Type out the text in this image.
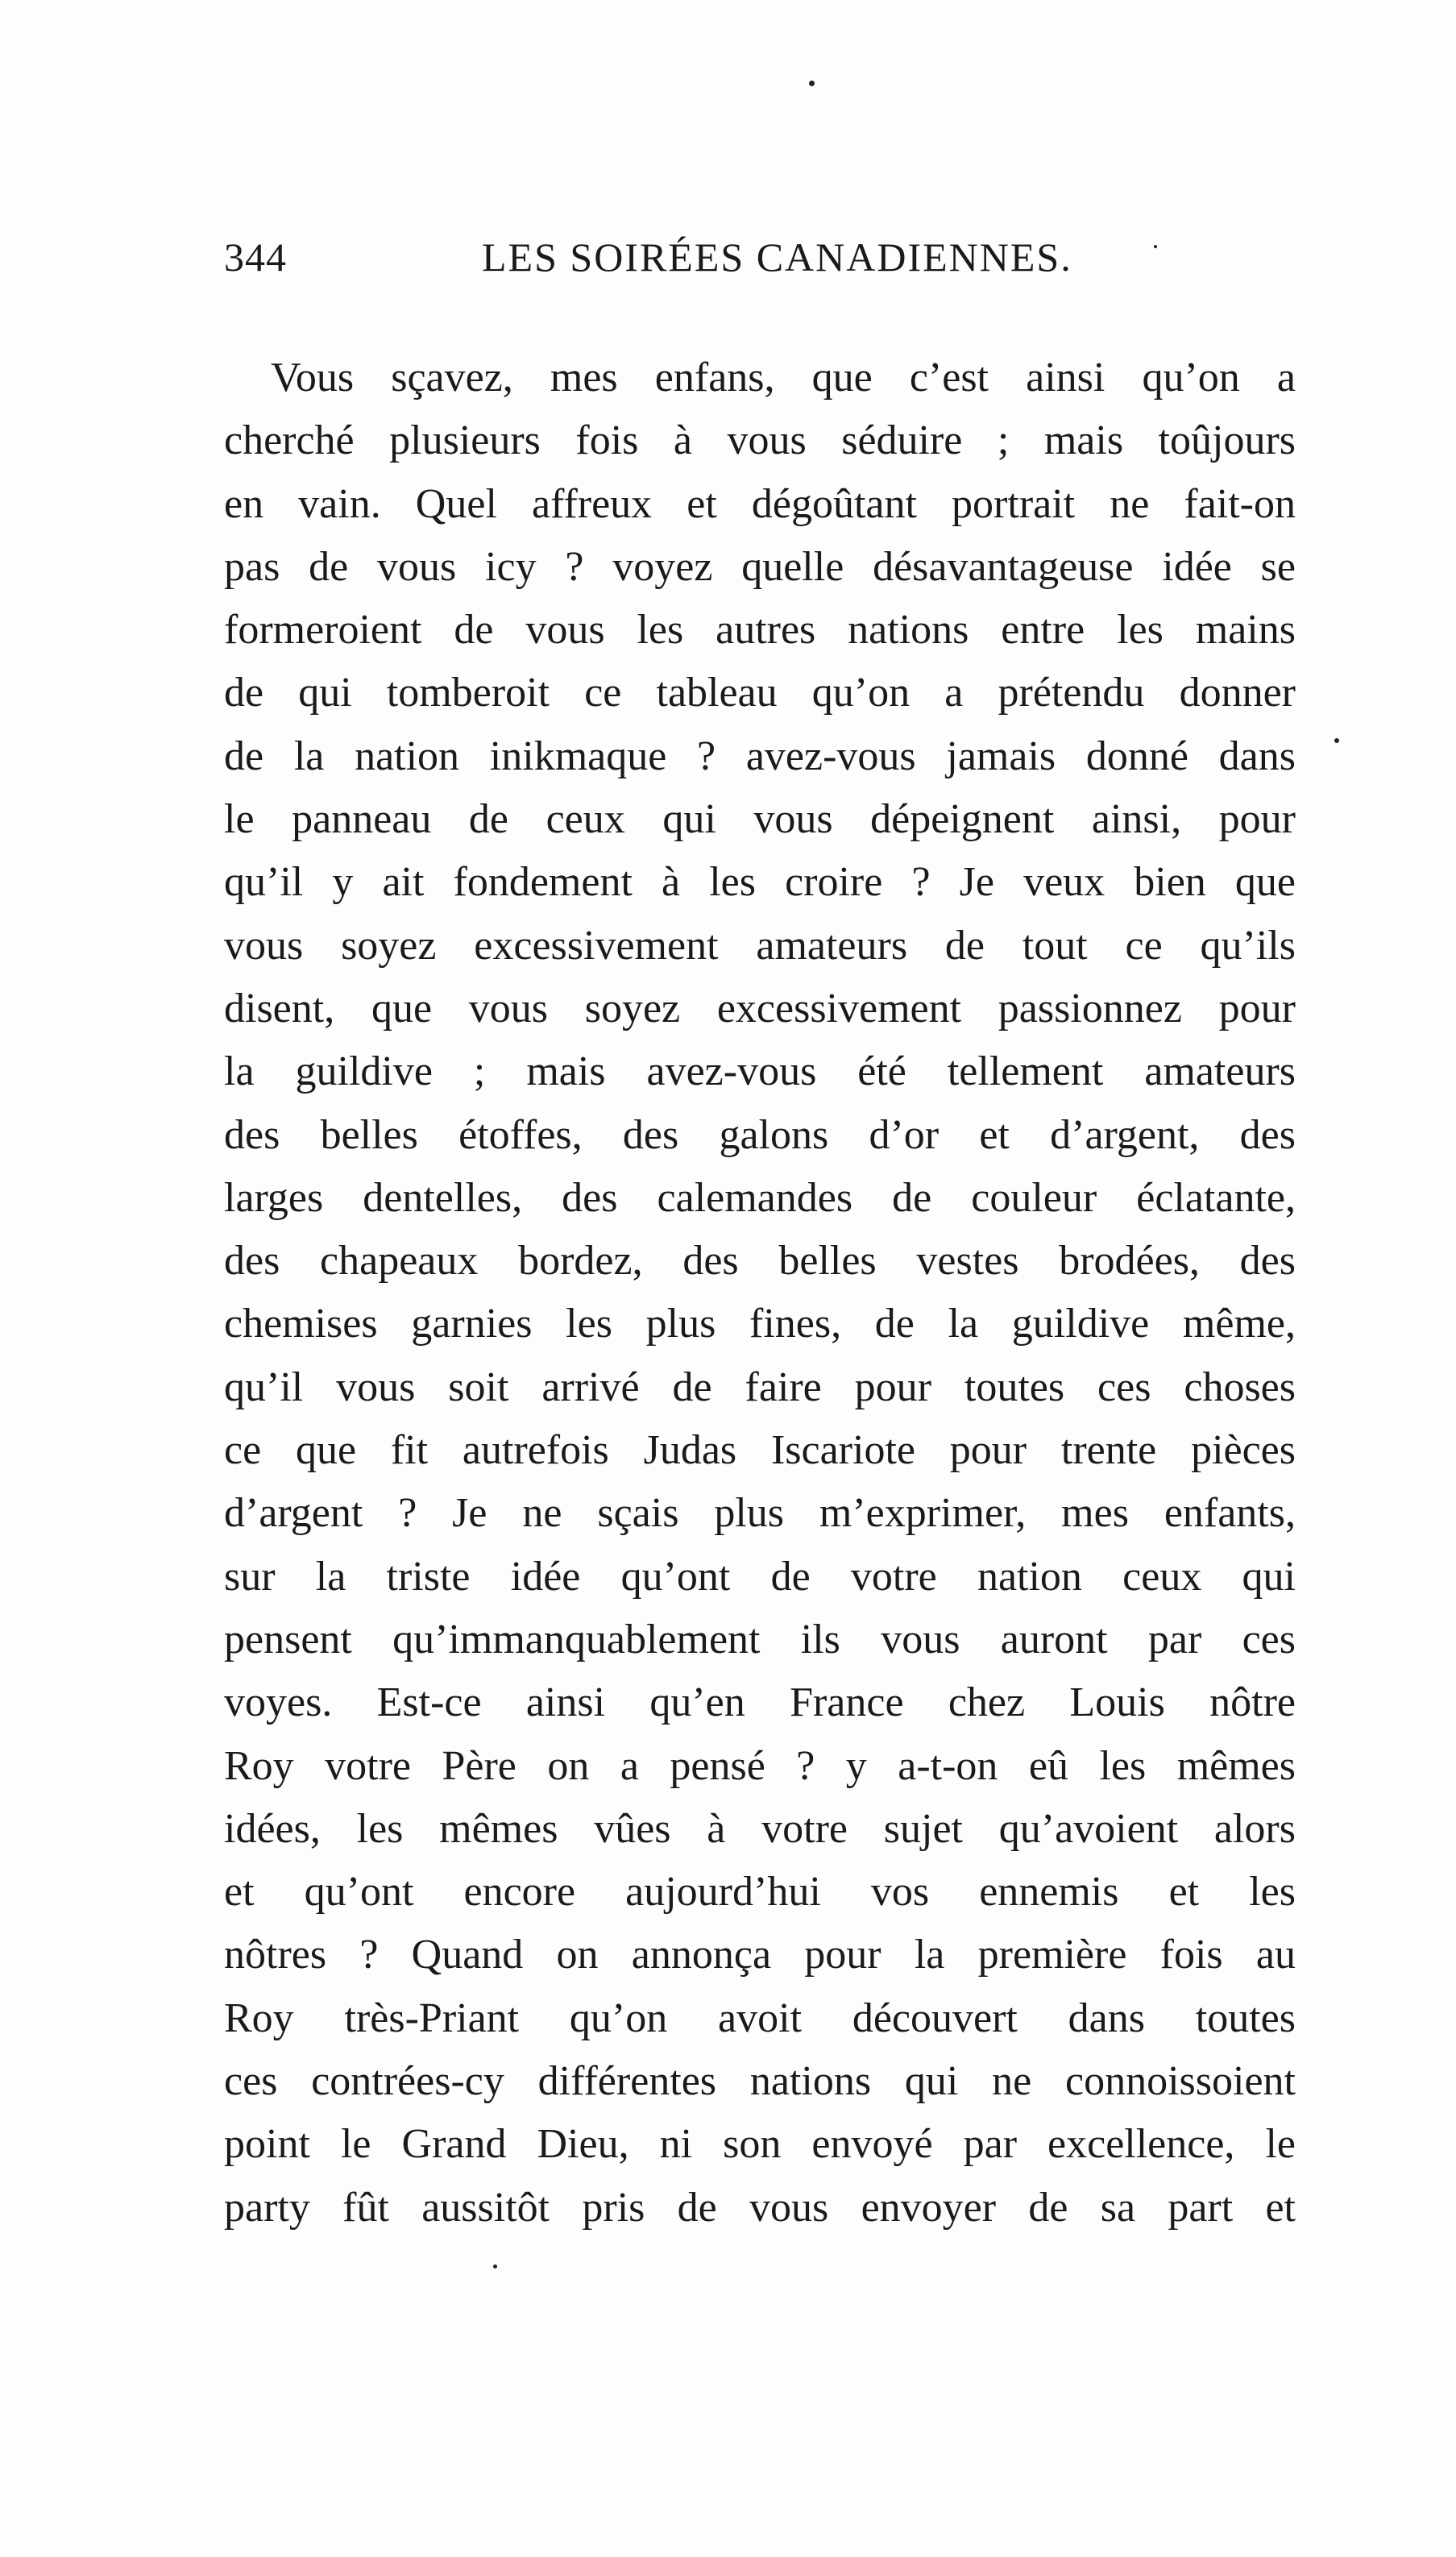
344	LES SOIRÉES CANADIENNES.
Vous sçavez, mes enfans, que c’est ainsi qu’on a
cherché plusieurs fois à vous séduire ; mais toûjours
en vain. Quel affreux et dégoûtant portrait ne fait-on
pas de vous icy ? voyez quelle désavantageuse idée se
formeroient de vous les autres nations entre les mains
de qui tomberoit ce tableau qu’on a prétendu donner
de la nation inikmaque ? avez-vous jamais donné dans
le panneau de ceux qui vous dépeignent ainsi, pour
qu’il y ait fondement à les croire ? Je veux bien que
vous soyez excessivement amateurs de tout ce qu’ils
disent, que vous soyez excessivement passionnez pour
la guildive ; mais avez-vous été tellement amateurs
des belles étoffes, des galons d’or et d’argent, des
larges dentelles, des calemandes de couleur éclatante,
des chapeaux bordez, des belles vestes brodées, des
chemises garnies les plus fines, de la guildive même,
qu’il vous soit arrivé de faire pour toutes ces choses
ce que fit autrefois Judas Iscariote pour trente pièces
d’argent ? Je ne sçais plus m’exprimer, mes enfants,
sur la triste idée qu’ont de votre nation ceux qui
pensent qu’immanquablement ils vous auront par ces
voyes. Est-ce ainsi qu’en France chez Louis nôtre
Roy votre Père on a pensé ? y a-t-on eû les mêmes
idées, les mêmes vûes à votre sujet qu’avoient alors
et qu’ont encore aujourd’hui vos ennemis et les
nôtres ? Quand on annonça pour la première fois au
Roy très-Priant qu’on avoit découvert dans toutes
ces contrées-cy différentes nations qui ne connoissoient
point le Grand Dieu, ni son envoyé par excellence, le
party fût aussitôt pris de vous envoyer de sa part et
